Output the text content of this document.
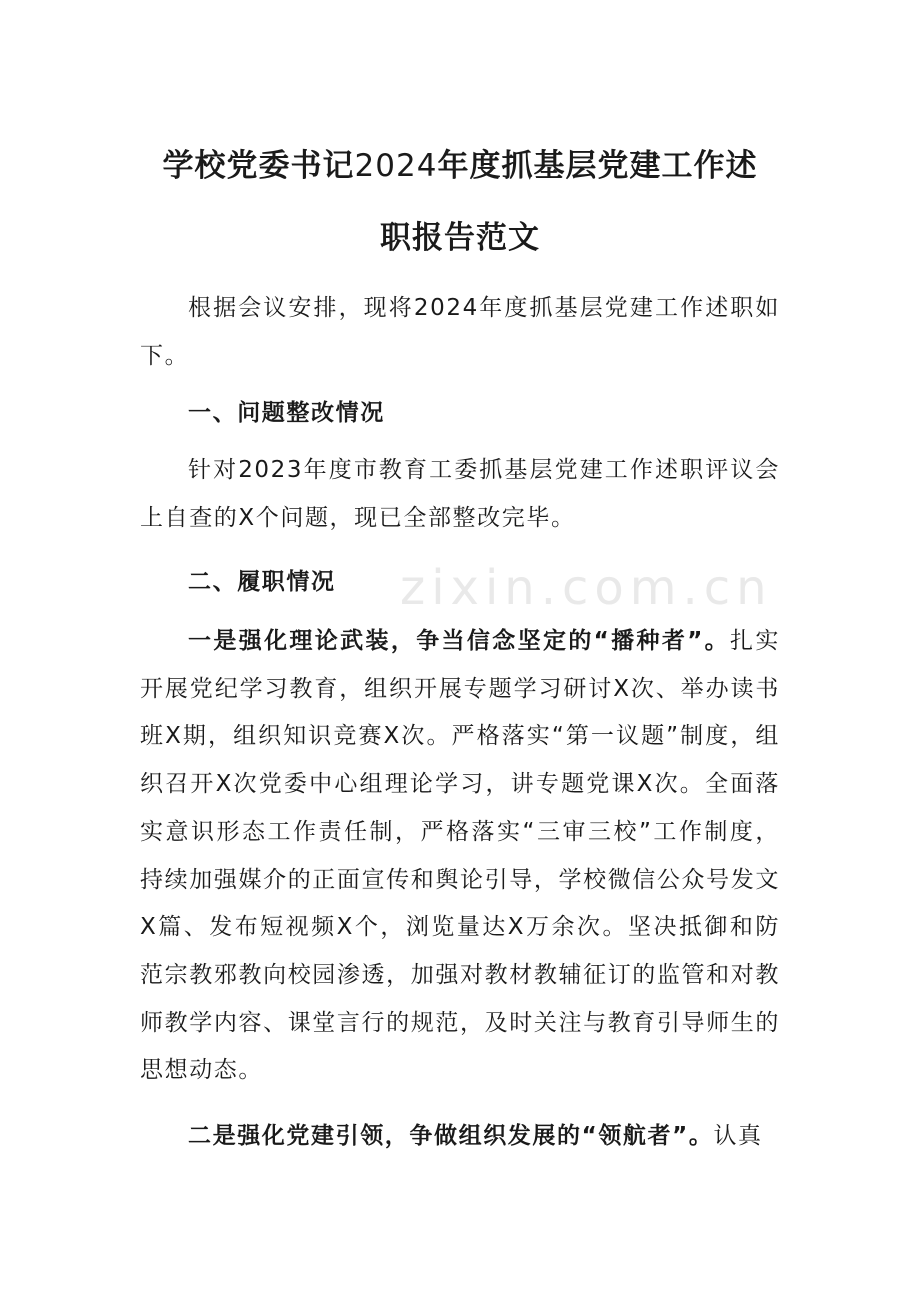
学校党委书记2024年度抓基层党建工作述
职报告范文

根据会议安排，现将2024年度抓基层党建工作述职如下。

一、问题整改情况

针对2023年度市教育工委抓基层党建工作述职评议会上自查的X个问题，现已全部整改完毕。

二、履职情况

一是强化理论武装，争当信念坚定的“播种者”。扎实开展党纪学习教育，组织开展专题学习研讨X次、举办读书班X期，组织知识竞赛X次。严格落实“第一议题”制度，组织召开X次党委中心组理论学习，讲专题党课X次。全面落实意识形态工作责任制，严格落实“三审三校”工作制度，持续加强媒介的正面宣传和舆论引导，学校微信公众号发文X篇、发布短视频X个，浏览量达X万余次。坚决抵御和防范宗教邪教向校园渗透，加强对教材教辅征订的监管和对教师教学内容、课堂言行的规范，及时关注与教育引导师生的思想动态。

二是强化党建引领，争做组织发展的“领航者”。认真

zixin.com.cn
